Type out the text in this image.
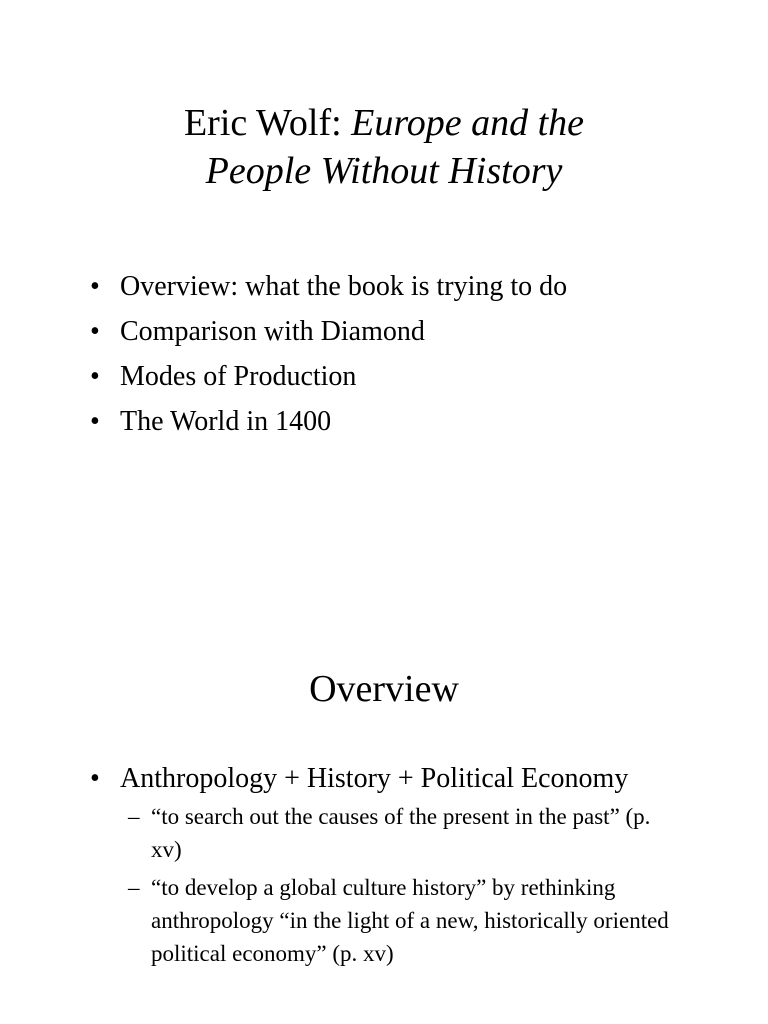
Eric Wolf: Europe and the
People Without History
• Overview: what the book is trying to do
• Comparison with Diamond
• Modes of Production
• The World in 1400
Overview
• Anthropology + History + Political Economy
– “to search out the causes of the present in the past” (p. xv)
– “to develop a global culture history” by rethinking anthropology “in the light of a new, historically oriented political economy” (p. xv)
